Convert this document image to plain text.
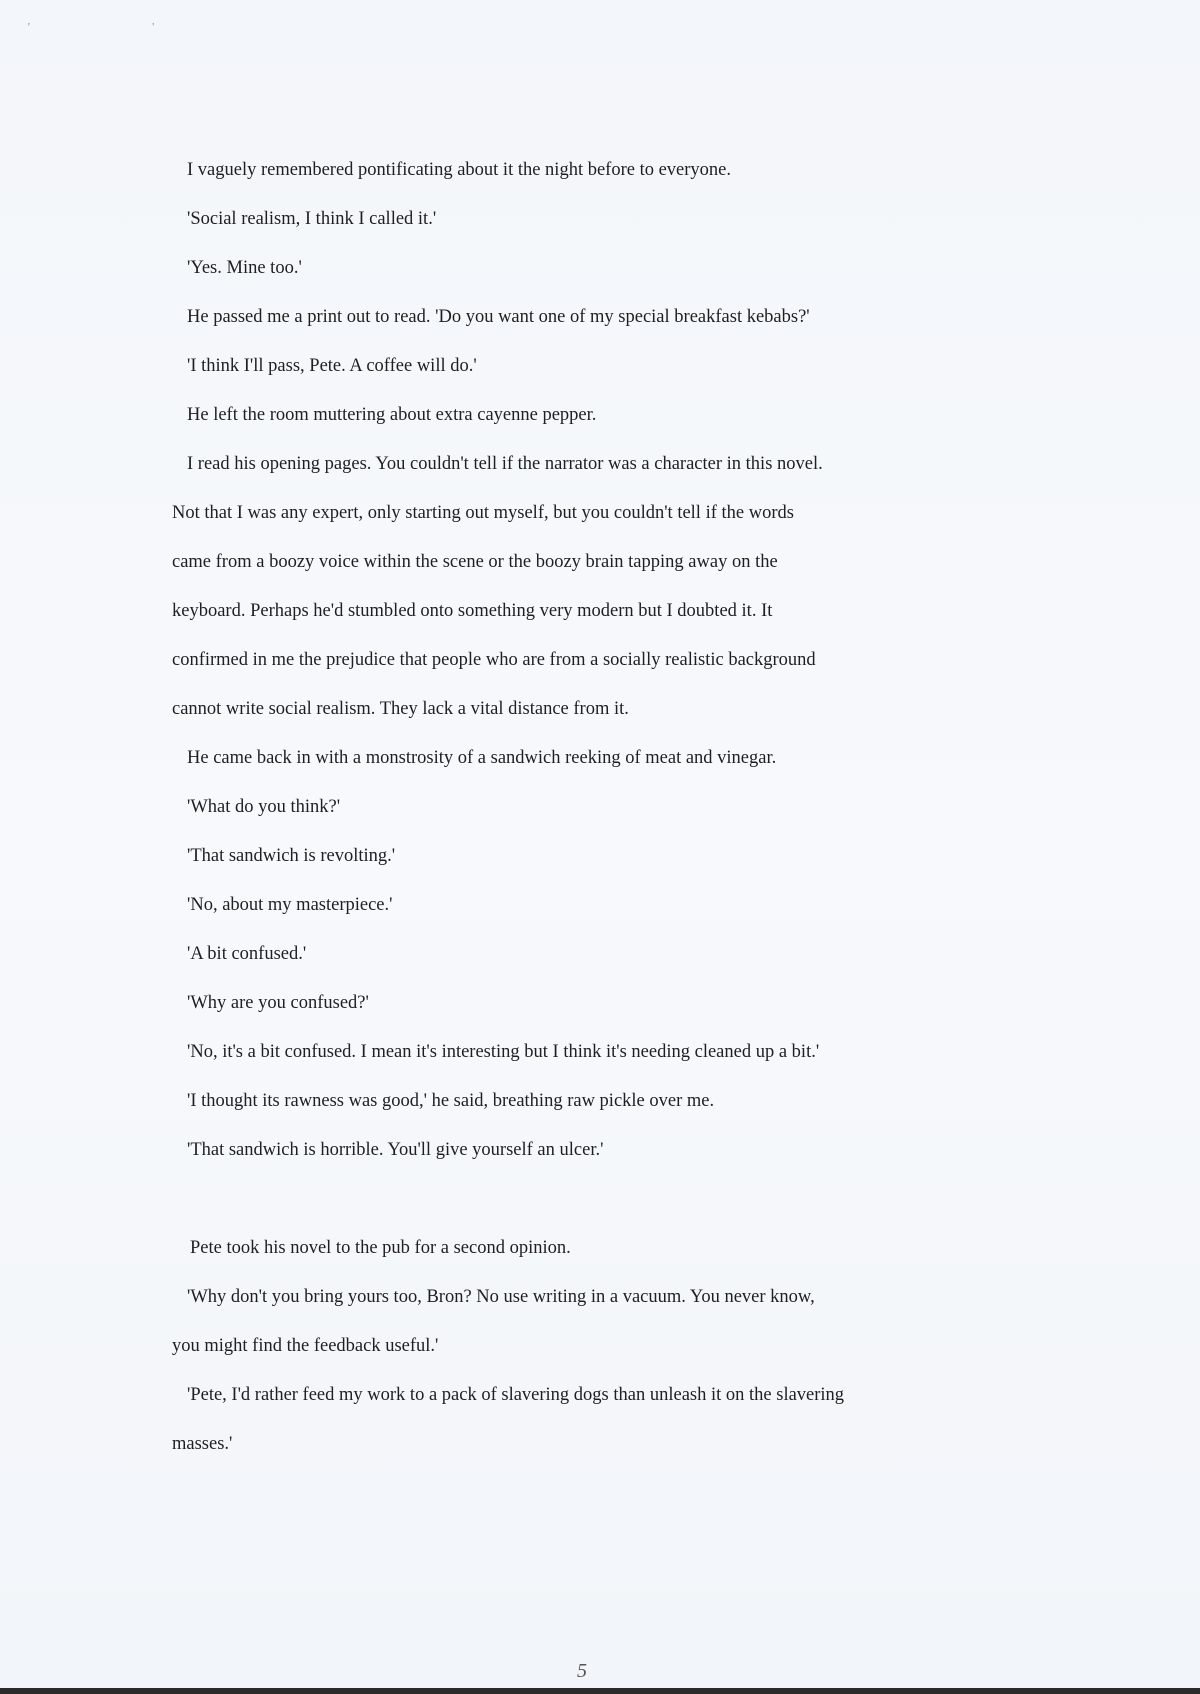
' '
I vaguely remembered pontificating about it the night before to everyone.
'Social realism, I think I called it.'
'Yes. Mine too.'
He passed me a print out to read. 'Do you want one of my special breakfast kebabs?'
'I think I'll pass, Pete. A coffee will do.'
He left the room muttering about extra cayenne pepper.
I read his opening pages. You couldn't tell if the narrator was a character in this novel.
Not that I was any expert, only starting out myself, but you couldn't tell if the words
came from a boozy voice within the scene or the boozy brain tapping away on the
keyboard. Perhaps he'd stumbled onto something very modern but I doubted it. It
confirmed in me the prejudice that people who are from a socially realistic background
cannot write social realism. They lack a vital distance from it.
He came back in with a monstrosity of a sandwich reeking of meat and vinegar.
'What do you think?'
'That sandwich is revolting.'
'No, about my masterpiece.'
'A bit confused.'
'Why are you confused?'
'No, it's a bit confused. I mean it's interesting but I think it's needing cleaned up a bit.'
'I thought its rawness was good,' he said, breathing raw pickle over me.
'That sandwich is horrible. You'll give yourself an ulcer.'
Pete took his novel to the pub for a second opinion.
'Why don't you bring yours too, Bron? No use writing in a vacuum. You never know,
you might find the feedback useful.'
'Pete, I'd rather feed my work to a pack of slavering dogs than unleash it on the slavering
masses.'
5
